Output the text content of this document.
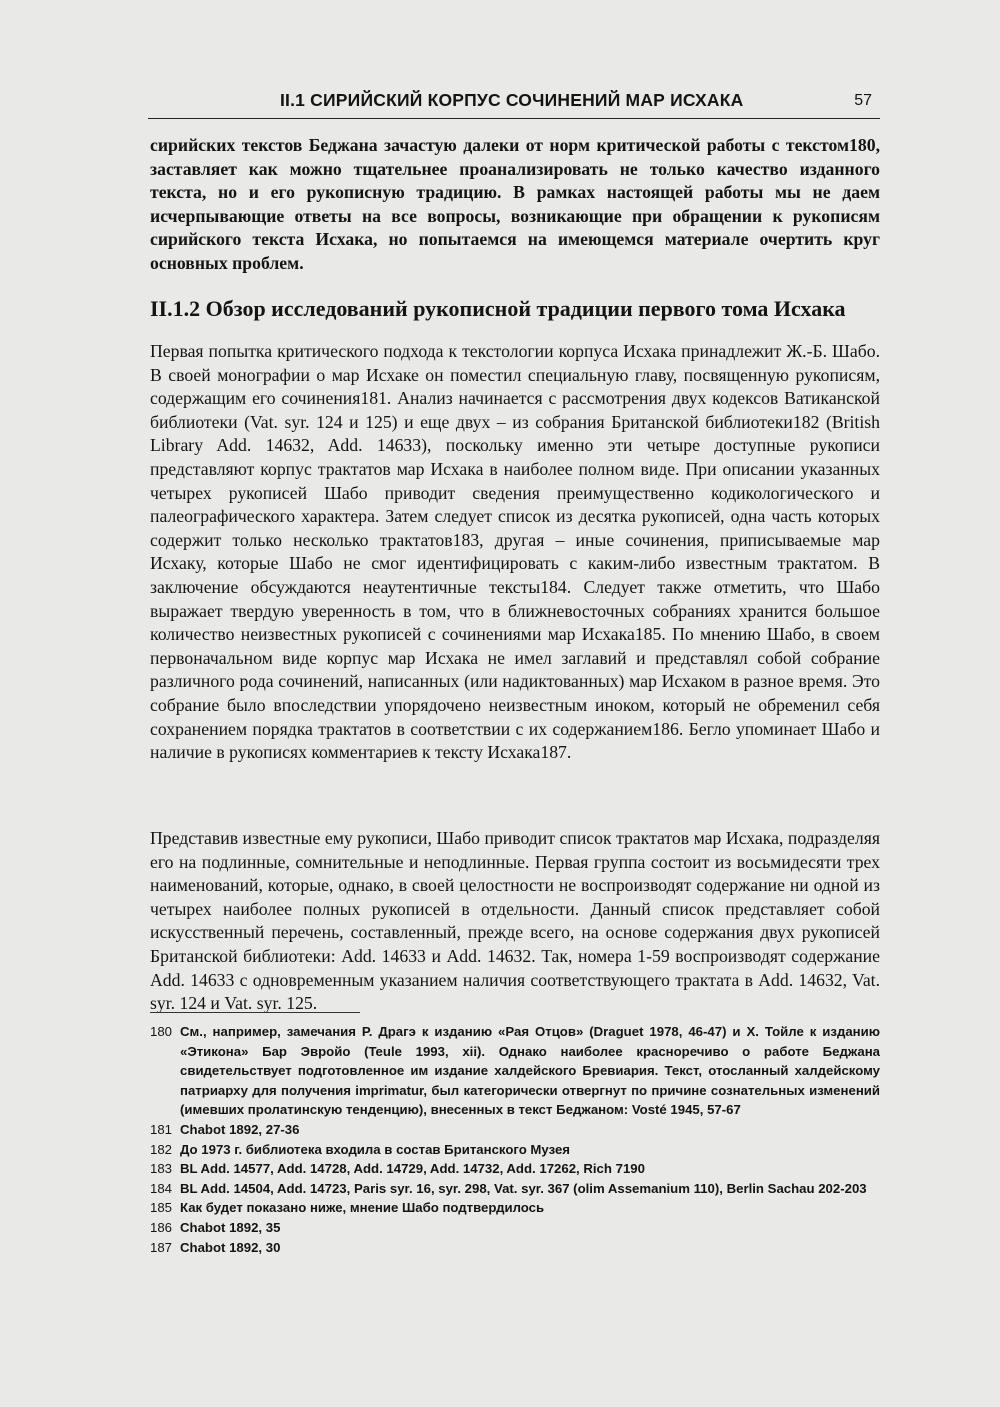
II.1 СИРИЙСКИЙ КОРПУС СОЧИНЕНИЙ МАР ИСХАКА	57

сирийских текстов Беджана зачастую далеки от норм критической работы с текстом180, заставляет как можно тщательнее проанализировать не только качество изданного текста, но и его рукописную традицию. В рамках настоящей работы мы не даем исчерпывающие ответы на все вопросы, возникающие при обращении к рукописям сирийского текста Исхака, но попытаемся на имеющемся материале очертить круг основных проблем.

II.1.2 Обзор исследований рукописной традиции первого тома Исхака

Первая попытка критического подхода к текстологии корпуса Исхака принадлежит Ж.-Б. Шабо. В своей монографии о мар Исхаке он поместил специальную главу, посвященную рукописям, содержащим его сочинения181. Анализ начинается с рассмотрения двух кодексов Ватиканской библиотеки (Vat. syr. 124 и 125) и еще двух – из собрания Британской библиотеки182 (British Library Add. 14632, Add. 14633), поскольку именно эти четыре доступные рукописи представляют корпус трактатов мар Исхака в наиболее полном виде. При описании указанных четырех рукописей Шабо приводит сведения преимущественно кодикологического и палеографического характера. Затем следует список из десятка рукописей, одна часть которых содержит только несколько трактатов183, другая – иные сочинения, приписываемые мар Исхаку, которые Шабо не смог идентифицировать с каким-либо известным трактатом. В заключение обсуждаются неаутентичные тексты184. Следует также отметить, что Шабо выражает твердую уверенность в том, что в ближневосточных собраниях хранится большое количество неизвестных рукописей с сочинениями мар Исхака185. По мнению Шабо, в своем первоначальном виде корпус мар Исхака не имел заглавий и представлял собой собрание различного рода сочинений, написанных (или надиктованных) мар Исхаком в разное время. Это собрание было впоследствии упорядочено неизвестным иноком, который не обременил себя сохранением порядка трактатов в соответствии с их содержанием186. Бегло упоминает Шабо и наличие в рукописях комментариев к тексту Исхака187.

Представив известные ему рукописи, Шабо приводит список трактатов мар Исхака, подразделяя его на подлинные, сомнительные и неподлинные. Первая группа состоит из восьмидесяти трех наименований, которые, однако, в своей целостности не воспроизводят содержание ни одной из четырех наиболее полных рукописей в отдельности. Данный список представляет собой искусственный перечень, составленный, прежде всего, на основе содержания двух рукописей Британской библиотеки: Add. 14633 и Add. 14632. Так, номера 1-59 воспроизводят содержание Add. 14633 с одновременным указанием наличия соответствующего трактата в Add. 14632, Vat. syr. 124 и Vat. syr. 125.

180 См., например, замечания Р. Драгэ к изданию «Рая Отцов» (Draguet 1978, 46-47) и Х. Тойле к изданию «Этикона» Бар Эвройо (Teule 1993, xii). Однако наиболее красноречиво о работе Беджана свидетельствует подготовленное им издание халдейского Бревиария. Текст, отосланный халдейскому патриарху для получения imprimatur, был категорически отвергнут по причине сознательных изменений (имевших пролатинскую тенденцию), внесенных в текст Беджаном: Vosté 1945, 57-67
181 Chabot 1892, 27-36
182 До 1973 г. библиотека входила в состав Британского Музея
183 BL Add. 14577, Add. 14728, Add. 14729, Add. 14732, Add. 17262, Rich 7190
184 BL Add. 14504, Add. 14723, Paris syr. 16, syr. 298, Vat. syr. 367 (olim Assemanium 110), Berlin Sachau 202-203
185 Как будет показано ниже, мнение Шабо подтвердилось
186 Chabot 1892, 35
187 Chabot 1892, 30
